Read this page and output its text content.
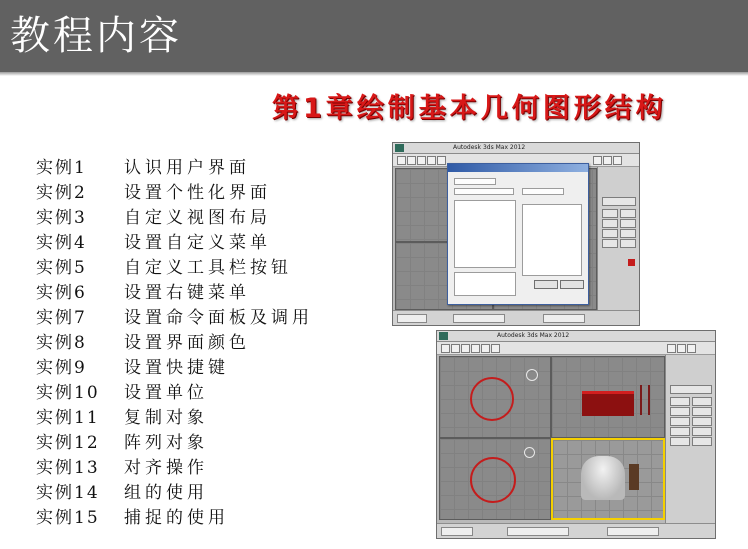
教程内容
第1章绘制基本几何图形结构
实例1	认识用户界面
实例2	设置个性化界面
实例3	自定义视图布局
实例4	设置自定义菜单
实例5	自定义工具栏按钮
实例6	设置右键菜单
实例7	设置命令面板及调用
实例8	设置界面颜色
实例9	设置快捷键
实例10	设置单位
实例11	复制对象
实例12	阵列对象
实例13	对齐操作
实例14	组的使用
实例15	捕捉的使用
Autodesk 3ds Max 2012
Autodesk 3ds Max 2012
